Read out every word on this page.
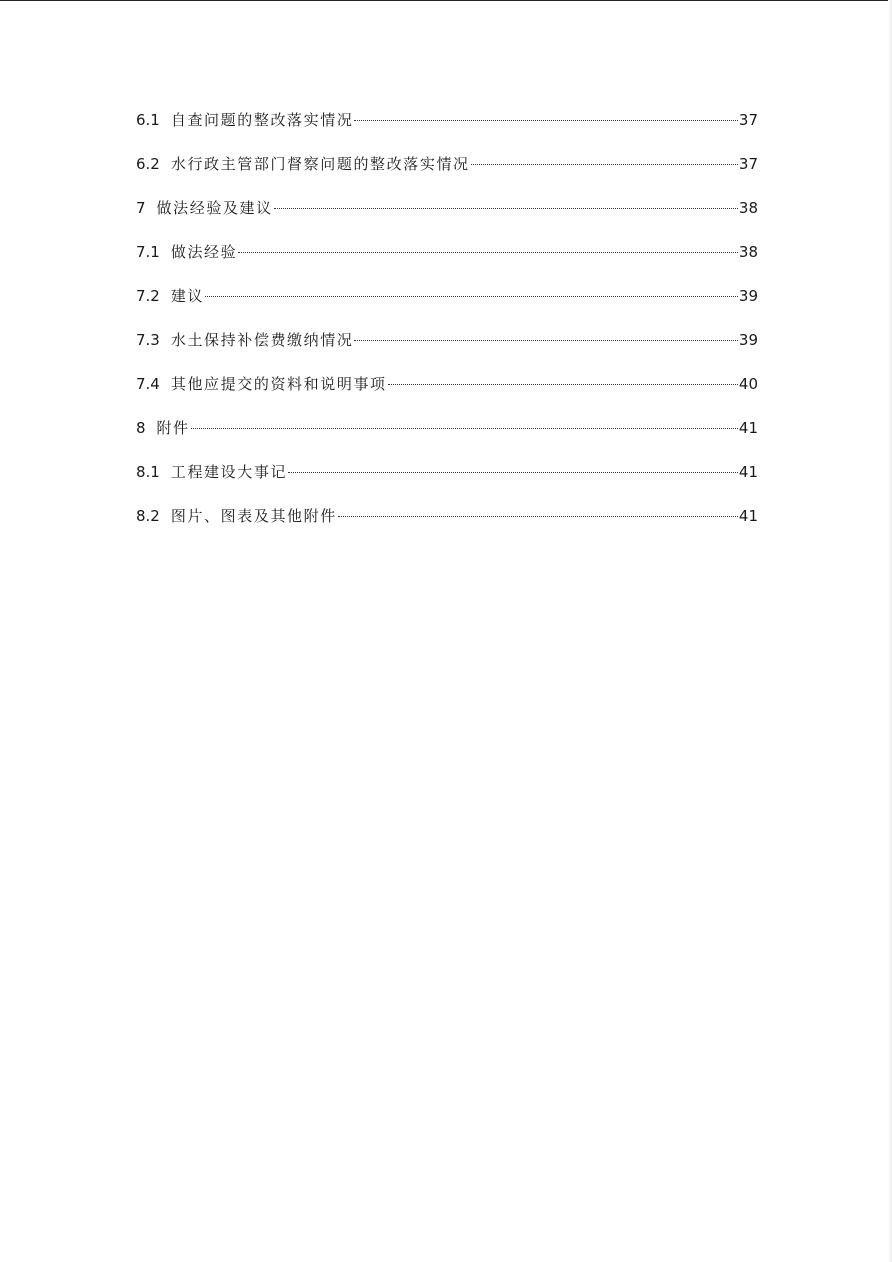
6.1 自查问题的整改落实情况	37
6.2 水行政主管部门督察问题的整改落实情况	37
7 做法经验及建议	38
7.1 做法经验	38
7.2 建议	39
7.3 水土保持补偿费缴纳情况	39
7.4 其他应提交的资料和说明事项	40
8 附件	41
8.1 工程建设大事记	41
8.2 图片、图表及其他附件	41
